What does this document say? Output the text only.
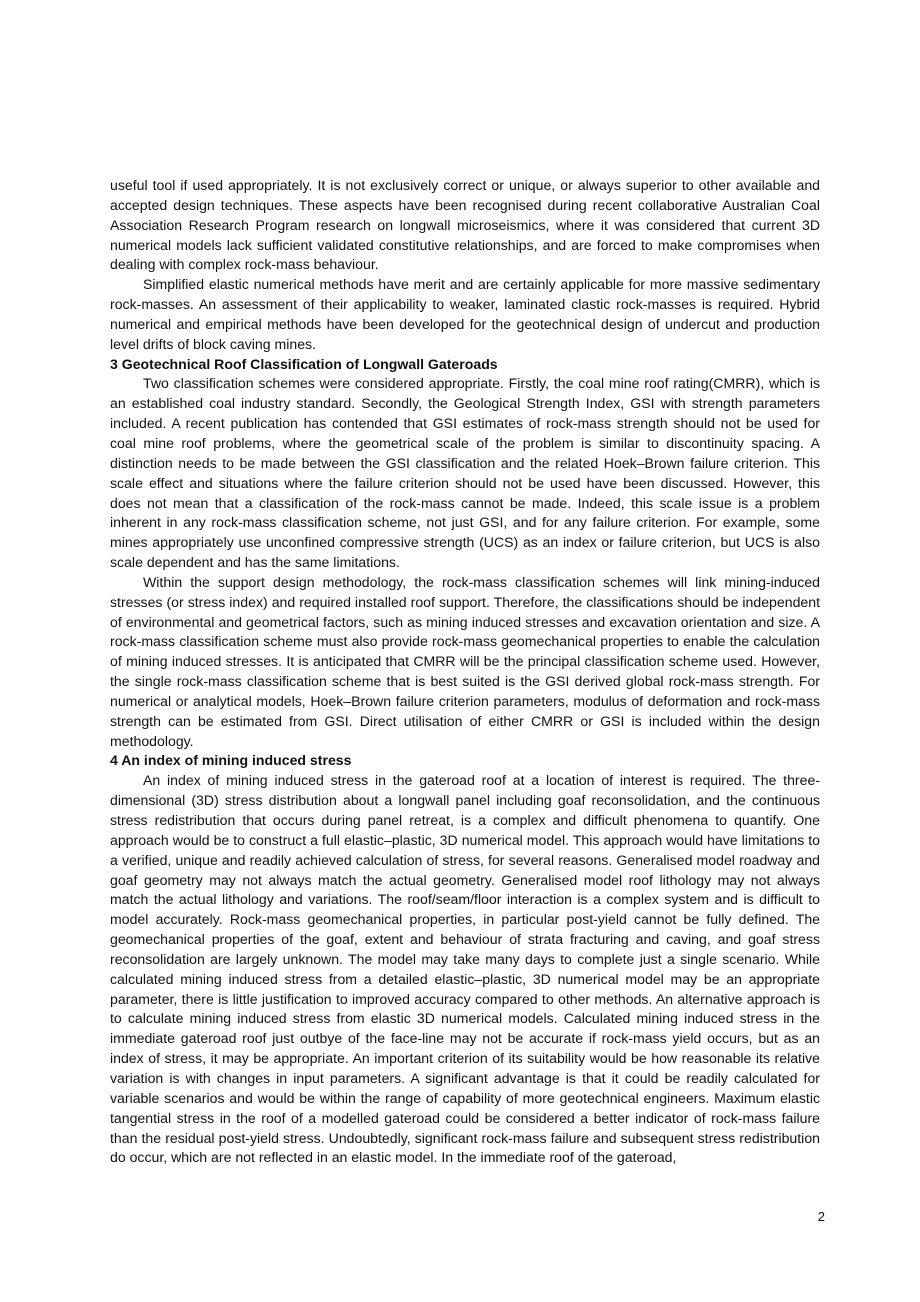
useful tool if used appropriately. It is not exclusively correct or unique, or always superior to other available and accepted design techniques. These aspects have been recognised during recent collaborative Australian Coal Association Research Program research on longwall microseismics, where it was considered that current 3D numerical models lack sufficient validated constitutive relationships, and are forced to make compromises when dealing with complex rock-mass behaviour.

Simplified elastic numerical methods have merit and are certainly applicable for more massive sedimentary rock-masses. An assessment of their applicability to weaker, laminated clastic rock-masses is required. Hybrid numerical and empirical methods have been developed for the geotechnical design of undercut and production level drifts of block caving mines.

3 Geotechnical Roof Classification of Longwall Gateroads

Two classification schemes were considered appropriate. Firstly, the coal mine roof rating(CMRR), which is an established coal industry standard. Secondly, the Geological Strength Index, GSI with strength parameters included. A recent publication has contended that GSI estimates of rock-mass strength should not be used for coal mine roof problems, where the geometrical scale of the problem is similar to discontinuity spacing. A distinction needs to be made between the GSI classification and the related Hoek–Brown failure criterion. This scale effect and situations where the failure criterion should not be used have been discussed. However, this does not mean that a classification of the rock-mass cannot be made. Indeed, this scale issue is a problem inherent in any rock-mass classification scheme, not just GSI, and for any failure criterion. For example, some mines appropriately use unconfined compressive strength (UCS) as an index or failure criterion, but UCS is also scale dependent and has the same limitations.

Within the support design methodology, the rock-mass classification schemes will link mining-induced stresses (or stress index) and required installed roof support. Therefore, the classifications should be independent of environmental and geometrical factors, such as mining induced stresses and excavation orientation and size. A rock-mass classification scheme must also provide rock-mass geomechanical properties to enable the calculation of mining induced stresses. It is anticipated that CMRR will be the principal classification scheme used. However, the single rock-mass classification scheme that is best suited is the GSI derived global rock-mass strength. For numerical or analytical models, Hoek–Brown failure criterion parameters, modulus of deformation and rock-mass strength can be estimated from GSI. Direct utilisation of either CMRR or GSI is included within the design methodology.

4 An index of mining induced stress

An index of mining induced stress in the gateroad roof at a location of interest is required. The three-dimensional (3D) stress distribution about a longwall panel including goaf reconsolidation, and the continuous stress redistribution that occurs during panel retreat, is a complex and difficult phenomena to quantify. One approach would be to construct a full elastic–plastic, 3D numerical model. This approach would have limitations to a verified, unique and readily achieved calculation of stress, for several reasons. Generalised model roadway and goaf geometry may not always match the actual geometry. Generalised model roof lithology may not always match the actual lithology and variations. The roof/seam/floor interaction is a complex system and is difficult to model accurately. Rock-mass geomechanical properties, in particular post-yield cannot be fully defined. The geomechanical properties of the goaf, extent and behaviour of strata fracturing and caving, and goaf stress reconsolidation are largely unknown. The model may take many days to complete just a single scenario. While calculated mining induced stress from a detailed elastic–plastic, 3D numerical model may be an appropriate parameter, there is little justification to improved accuracy compared to other methods. An alternative approach is to calculate mining induced stress from elastic 3D numerical models. Calculated mining induced stress in the immediate gateroad roof just outbye of the face-line may not be accurate if rock-mass yield occurs, but as an index of stress, it may be appropriate. An important criterion of its suitability would be how reasonable its relative variation is with changes in input parameters. A significant advantage is that it could be readily calculated for variable scenarios and would be within the range of capability of more geotechnical engineers. Maximum elastic tangential stress in the roof of a modelled gateroad could be considered a better indicator of rock-mass failure than the residual post-yield stress. Undoubtedly, significant rock-mass failure and subsequent stress redistribution do occur, which are not reflected in an elastic model. In the immediate roof of the gateroad,

2
